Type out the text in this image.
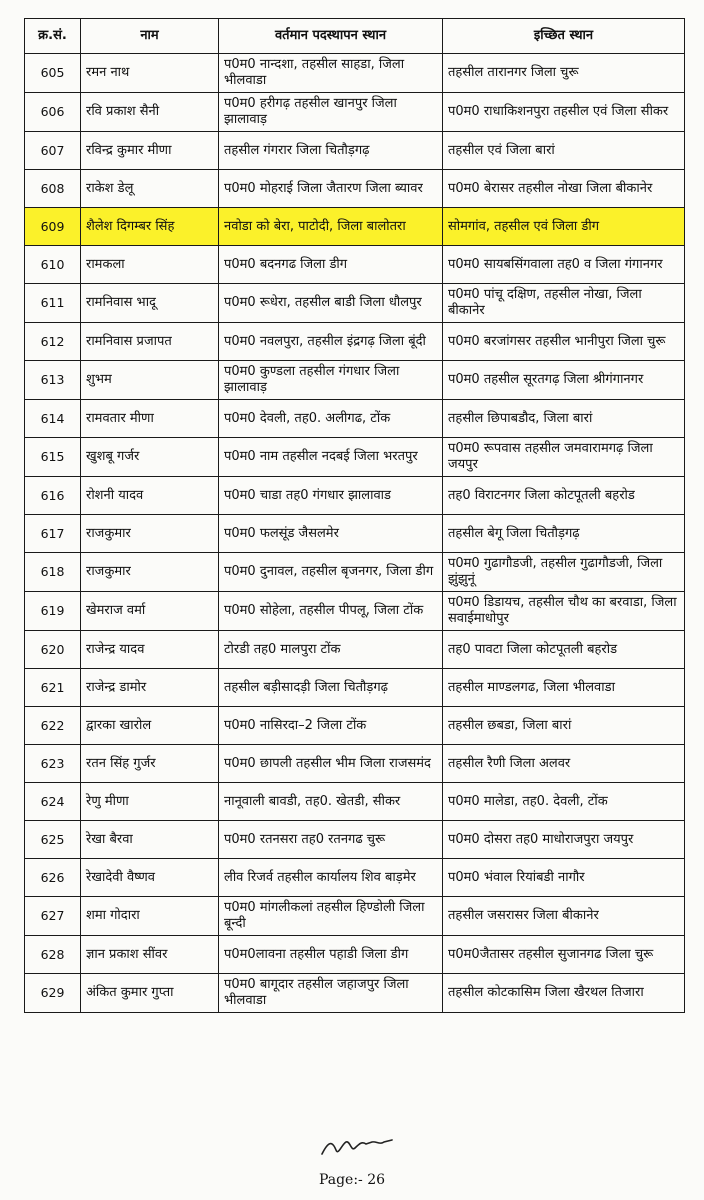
क्र.सं.	नाम	वर्तमान पदस्थापन स्थान	इच्छित स्थान
605	रमन नाथ	प0म0 नान्दशा, तहसील साहडा, जिला भीलवाडा	तहसील तारानगर जिला चुरू
606	रवि प्रकाश सैनी	प0म0 हरीगढ़ तहसील खानपुर जिला झालावाड़	प0म0 राधाकिशनपुरा तहसील एवं जिला सीकर
607	रविन्द्र कुमार मीणा	तहसील गंगरार जिला चितौड़गढ़	तहसील एवं जिला बारां
608	राकेश डेलू	प0म0 मोहराई जिला जैतारण जिला ब्यावर	प0म0 बेरासर तहसील नोखा जिला बीकानेर
609	शैलेश दिगम्बर सिंह	नवोडा को बेरा, पाटोदी, जिला बालोतरा	सोमगांव, तहसील एवं जिला डीग
610	रामकला	प0म0 बदनगढ जिला डीग	प0म0 सायबसिंगवाला तह0 व जिला गंगानगर
611	रामनिवास भादू	प0म0 रूधेरा, तहसील बाडी जिला धौलपुर	प0म0 पांचू दक्षिण, तहसील नोखा, जिला बीकानेर
612	रामनिवास प्रजापत	प0म0 नवलपुरा, तहसील इंद्रगढ़ जिला बूंदी	प0म0 बरजांगसर तहसील भानीपुरा जिला चुरू
613	शुभम	प0म0 कुण्डला तहसील गंगधार जिला झालावाड़	प0म0 तहसील सूरतगढ़ जिला श्रीगंगानगर
614	रामवतार मीणा	प0म0 देवली, तह0. अलीगढ, टोंक	तहसील छिपाबडौद, जिला बारां
615	खुशबू गर्जर	प0म0 नाम तहसील नदबई जिला भरतपुर	प0म0 रूपवास तहसील जमवारामगढ़ जिला जयपुर
616	रोशनी यादव	प0म0 चाडा तह0 गंगधार झालावाड	तह0 विराटनगर जिला कोटपूतली बहरोड
617	राजकुमार	प0म0 फलसूंड जैसलमेर	तहसील बेगू जिला चितौड़गढ़
618	राजकुमार	प0म0 दुनावल, तहसील बृजनगर, जिला डीग	प0म0 गुढागौडजी, तहसील गुढागौडजी, जिला झुंझुनूं
619	खेमराज वर्मा	प0म0 सोहेला, तहसील पीपलू, जिला टोंक	प0म0 डिडायच, तहसील चौथ का बरवाडा, जिला सवाईमाधोपुर
620	राजेन्द्र यादव	टोरडी तह0 मालपुरा टोंक	तह0 पावटा जिला कोटपूतली बहरोड
621	राजेन्द्र डामोर	तहसील बड़ीसादड़ी जिला चितौड़गढ़	तहसील माण्डलगढ, जिला भीलवाडा
622	द्वारका खारोल	प0म0 नासिरदा–2 जिला टोंक	तहसील छबडा, जिला बारां
623	रतन सिंह गुर्जर	प0म0 छापली तहसील भीम जिला राजसमंद	तहसील रैणी जिला अलवर
624	रेणु मीणा	नानूवाली बावडी, तह0. खेतडी, सीकर	प0म0 मालेडा, तह0. देवली, टोंक
625	रेखा बैरवा	प0म0 रतनसरा तह0 रतनगढ चुरू	प0म0 दोसरा तह0 माधोराजपुरा जयपुर
626	रेखादेवी वैष्णव	लीव रिजर्व तहसील कार्यालय शिव बाड़मेर	प0म0 भंवाल रियांबडी नागौर
627	शमा गोदारा	प0म0 मांगलीकलां तहसील हिण्डोली जिला बून्दी	तहसील जसरासर जिला बीकानेर
628	ज्ञान प्रकाश सींवर	प0म0लावना तहसील पहाडी जिला डीग	प0म0जैतासर तहसील सुजानगढ जिला चुरू
629	अंकित कुमार गुप्ता	प0म0 बागूदार तहसील जहाजपुर जिला भीलवाडा	तहसील कोटकासिम जिला खैरथल तिजारा
Page:- 26
